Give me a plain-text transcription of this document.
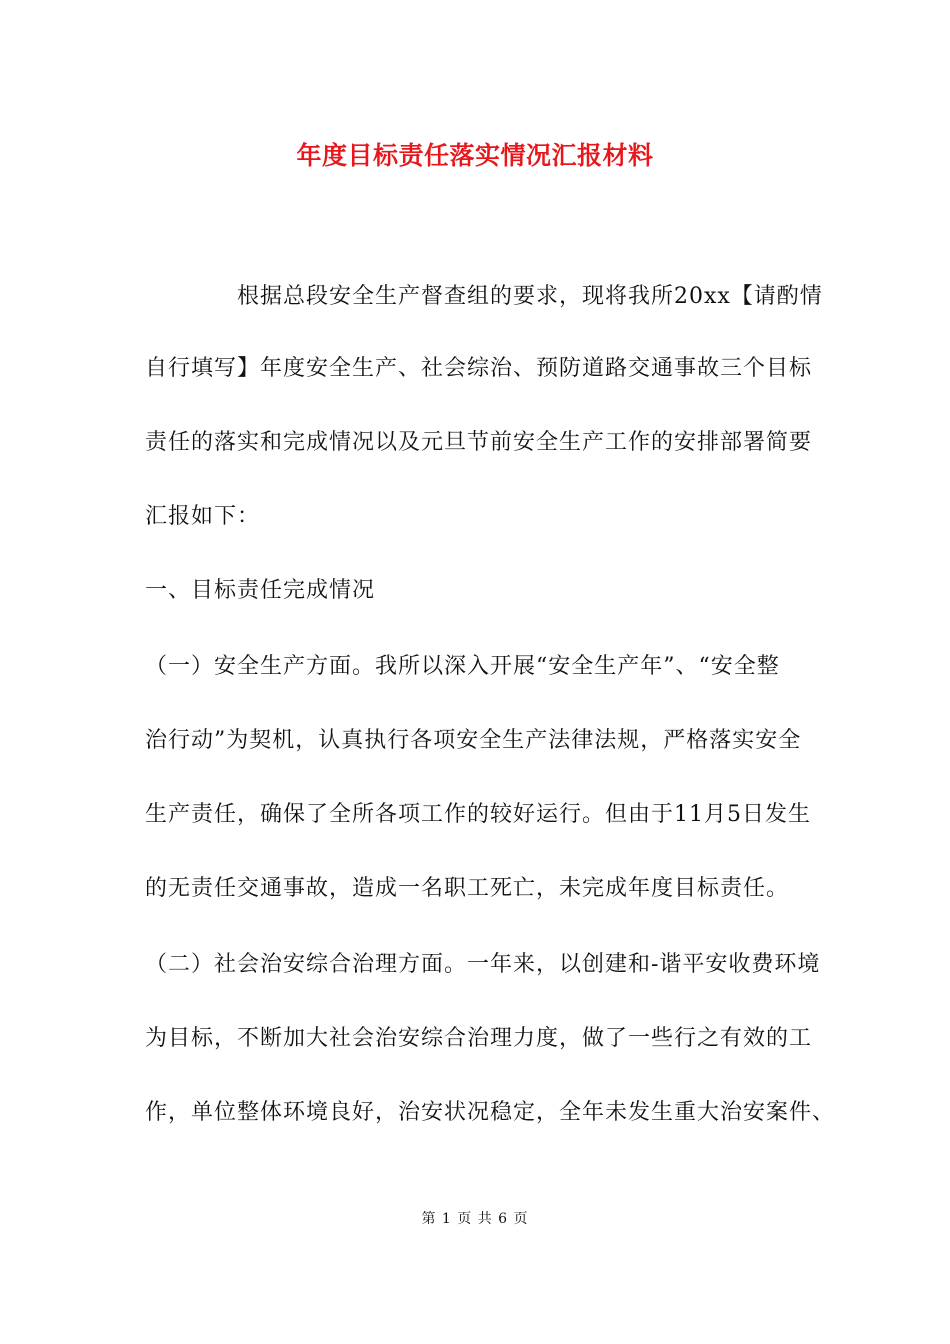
年度目标责任落实情况汇报材料
　　　　根据总段安全生产督查组的要求，现将我所20xx【请酌情
自行填写】年度安全生产、社会综治、预防道路交通事故三个目标
责任的落实和完成情况以及元旦节前安全生产工作的安排部署简要
汇报如下：
一、目标责任完成情况
（一）安全生产方面。我所以深入开展“安全生产年”、“安全整
治行动”为契机，认真执行各项安全生产法律法规，严格落实安全
生产责任，确保了全所各项工作的较好运行。但由于11月5日发生
的无责任交通事故，造成一名职工死亡，未完成年度目标责任。
（二）社会治安综合治理方面。一年来，以创建和-谐平安收费环境
为目标，不断加大社会治安综合治理力度，做了一些行之有效的工
作，单位整体环境良好，治安状况稳定，全年未发生重大治安案件、
第 1 页 共 6 页
